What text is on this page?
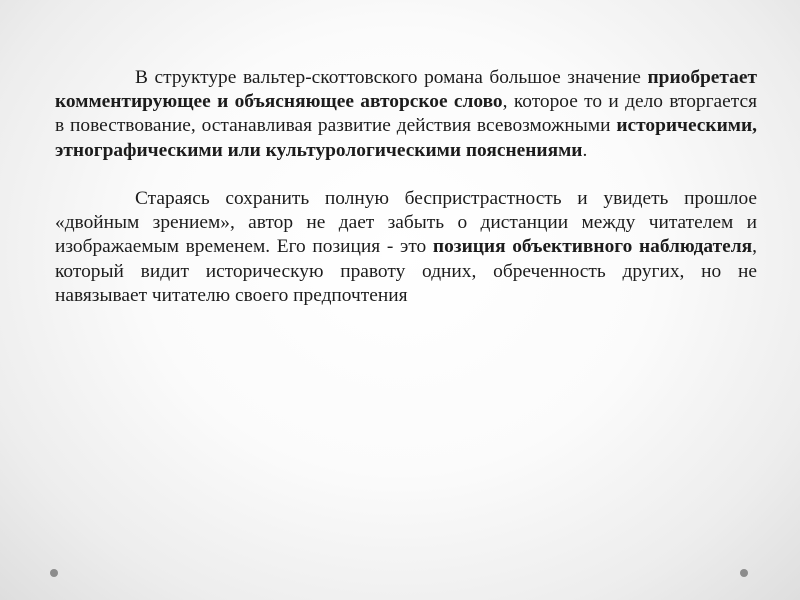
В структуре вальтер-скоттовского романа большое значение приобретает комментирующее и объясняющее авторское слово, которое то и дело вторгается в повествование, останавливая развитие действия всевозможными историческими, этнографическими или культурологическими пояснениями.

Стараясь сохранить полную беспристрастность и увидеть прошлое «двойным зрением», автор не дает забыть о дистанции между читателем и изображаемым временем. Его позиция - это позиция объективного наблюдателя, который видит историческую правоту одних, обреченность других, но не навязывает читателю своего предпочтения
